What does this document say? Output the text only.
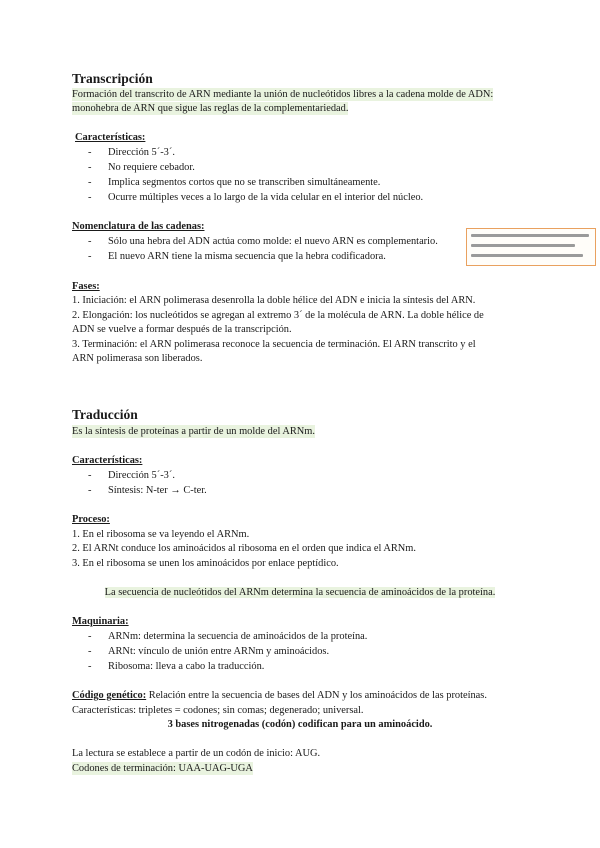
Transcripción
Formación del transcrito de ARN mediante la unión de nucleótidos libres a la cadena molde de ADN:
monohebra de ARN que sigue las reglas de la complementariedad.
Características:
- Dirección 5´-3´.
- No requiere cebador.
- Implica segmentos cortos que no se transcriben simultáneamente.
- Ocurre múltiples veces a lo largo de la vida celular en el interior del núcleo.
Nomenclatura de las cadenas:
- Sólo una hebra del ADN actúa como molde: el nuevo ARN es complementario.
- El nuevo ARN tiene la misma secuencia que la hebra codificadora.
Fases:
1. Iniciación: el ARN polimerasa desenrolla la doble hélice del ADN e inicia la síntesis del ARN.
2. Elongación: los nucleótidos se agregan al extremo 3´ de la molécula de ARN. La doble hélice de
ADN se vuelve a formar después de la transcripción.
3. Terminación: el ARN polimerasa reconoce la secuencia de terminación. El ARN transcrito y el
ARN polimerasa son liberados.
Traducción
Es la síntesis de proteínas a partir de un molde del ARNm.
Características:
- Dirección 5´-3´.
- Síntesis: N-ter → C-ter.
Proceso:
1. En el ribosoma se va leyendo el ARNm.
2. El ARNt conduce los aminoácidos al ribosoma en el orden que indica el ARNm.
3. En el ribosoma se unen los aminoácidos por enlace peptídico.
La secuencia de nucleótidos del ARNm determina la secuencia de aminoácidos de la proteína.
Maquinaria:
- ARNm: determina la secuencia de aminoácidos de la proteína.
- ARNt: vínculo de unión entre ARNm y aminoácidos.
- Ribosoma: lleva a cabo la traducción.
Código genético: Relación entre la secuencia de bases del ADN y los aminoácidos de las proteínas.
Características: tripletes = codones; sin comas; degenerado; universal.
3 bases nitrogenadas (codón) codifican para un aminoácido.
La lectura se establece a partir de un codón de inicio: AUG.
Codones de terminación: UAA-UAG-UGA
